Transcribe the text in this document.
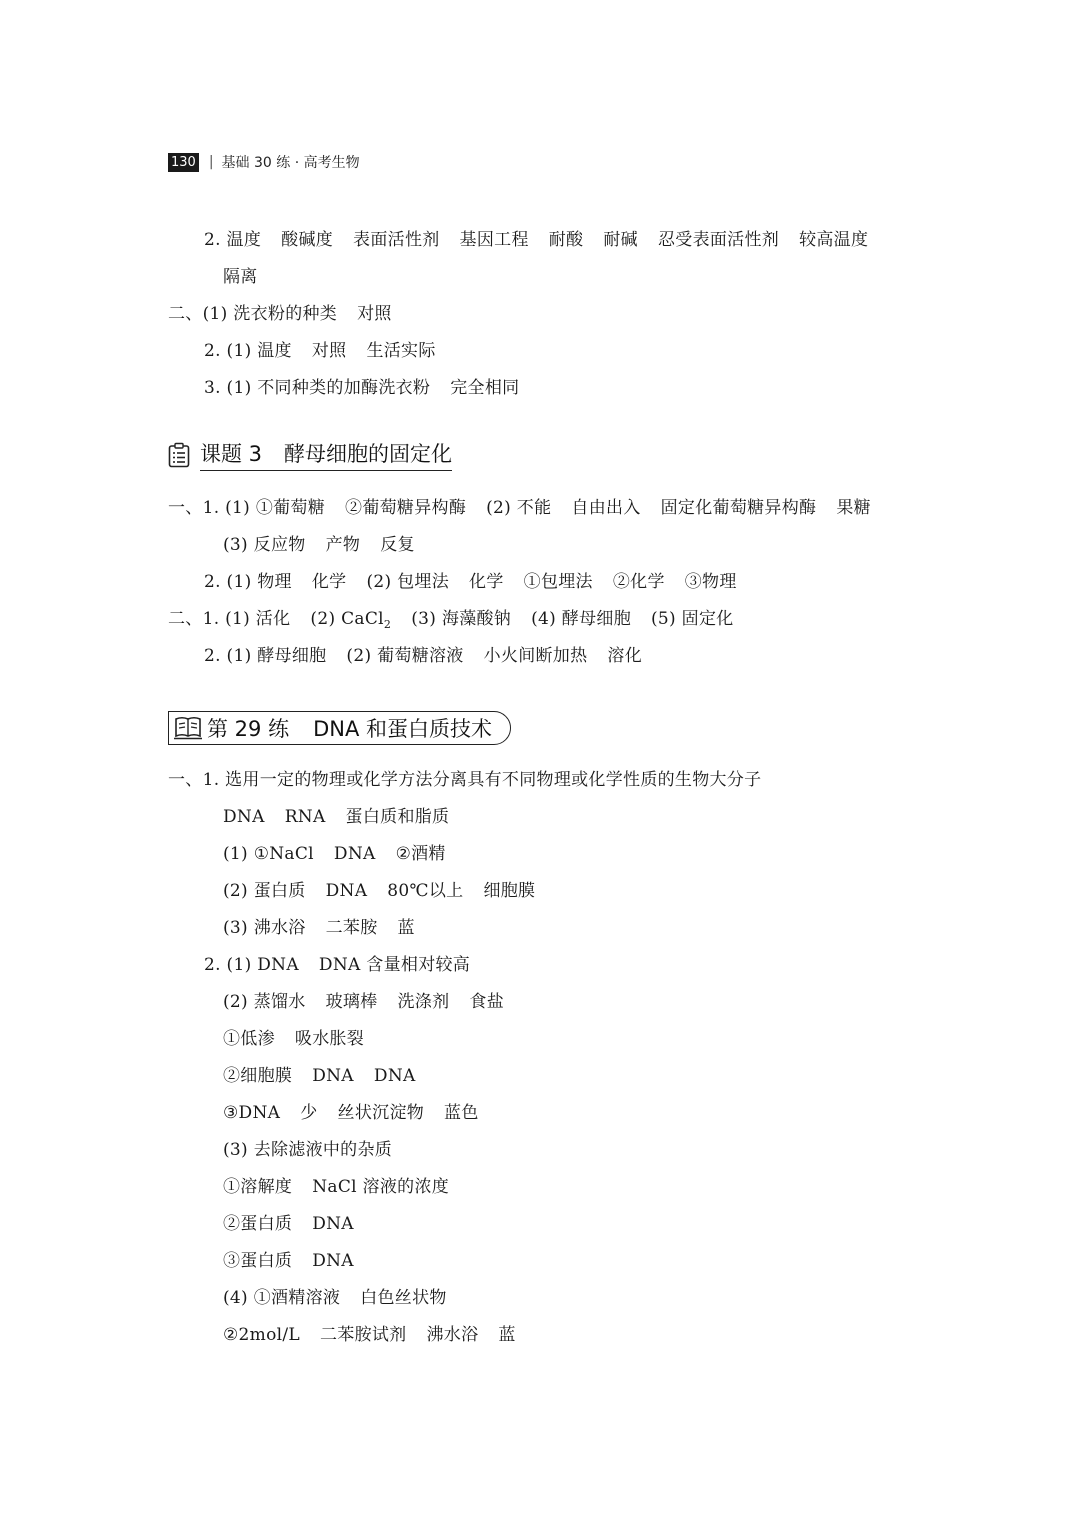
130 | 基础 30 练 · 高考生物
2. 温度 酸碱度 表面活性剂 基因工程 耐酸 耐碱 忍受表面活性剂 较高温度
隔离
二、(1) 洗衣粉的种类 对照
2. (1) 温度 对照 生活实际
3. (1) 不同种类的加酶洗衣粉 完全相同
课题 3 酵母细胞的固定化
一、1. (1) ①葡萄糖 ②葡萄糖异构酶 (2) 不能 自由出入 固定化葡萄糖异构酶 果糖
(3) 反应物 产物 反复
2. (1) 物理 化学 (2) 包埋法 化学 ①包埋法 ②化学 ③物理
二、1. (1) 活化 (2) CaCl$_2$ (3) 海藻酸钠 (4) 酵母细胞 (5) 固定化
2. (1) 酵母细胞 (2) 葡萄糖溶液 小火间断加热 溶化
第 29 练 DNA 和蛋白质技术
一、1. 选用一定的物理或化学方法分离具有不同物理或化学性质的生物大分子
DNA RNA 蛋白质和脂质
(1) ①NaCl DNA ②酒精
(2) 蛋白质 DNA 80℃以上 细胞膜
(3) 沸水浴 二苯胺 蓝
2. (1) DNA DNA 含量相对较高
(2) 蒸馏水 玻璃棒 洗涤剂 食盐
①低渗 吸水胀裂
②细胞膜 DNA DNA
③DNA 少 丝状沉淀物 蓝色
(3) 去除滤液中的杂质
①溶解度 NaCl 溶液的浓度
②蛋白质 DNA
③蛋白质 DNA
(4) ①酒精溶液 白色丝状物
②2mol/L 二苯胺试剂 沸水浴 蓝
